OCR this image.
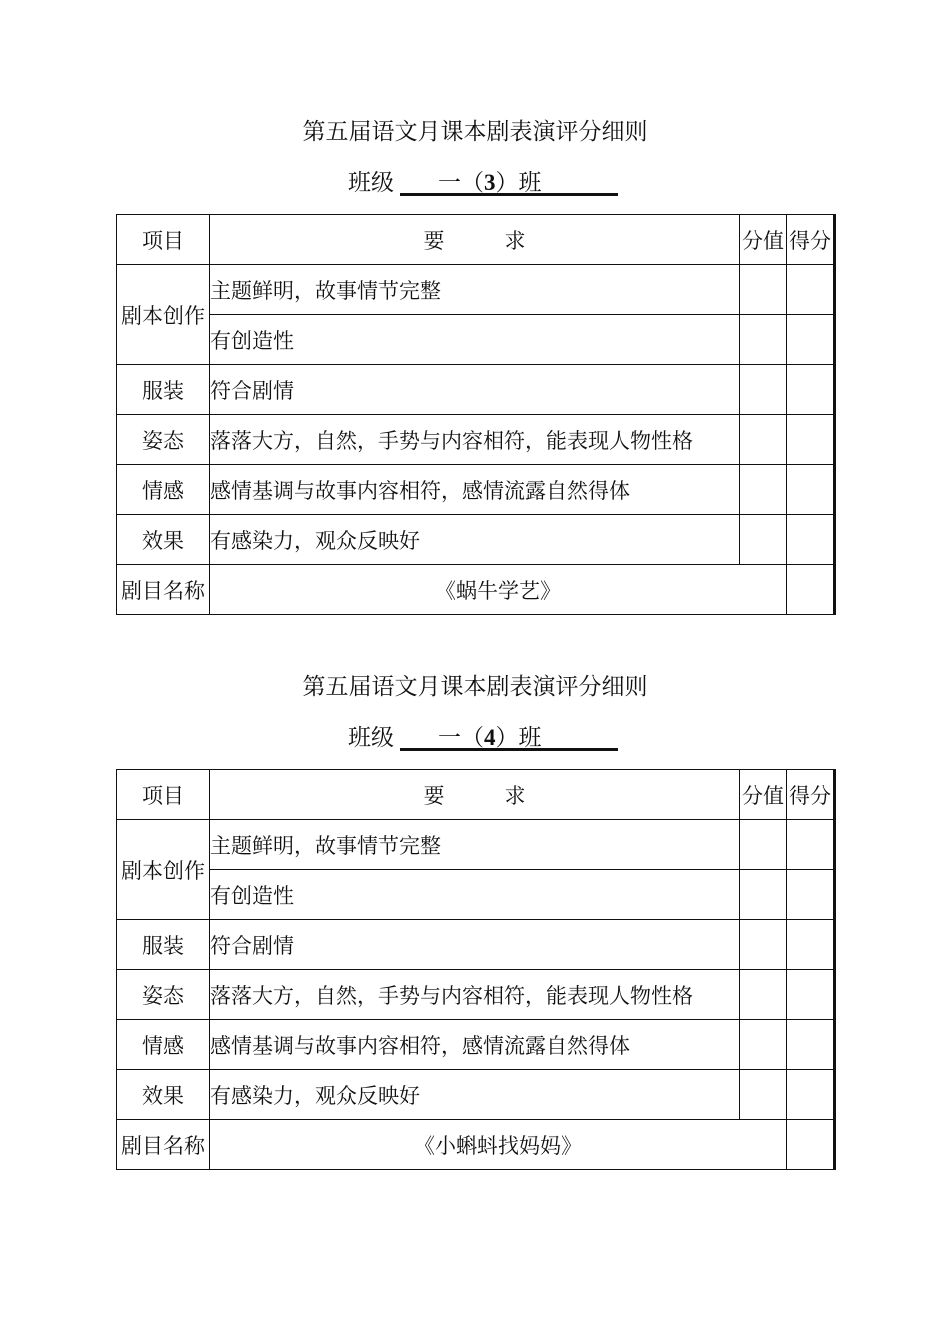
第五届语文月课本剧表演评分细则
班级	一（3）班
项目	要 求	分值	得分
剧本创作	主题鲜明，故事情节完整		
	有创造性		
服装	符合剧情		
姿态	落落大方，自然，手势与内容相符，能表现人物性格		
情感	感情基调与故事内容相符，感情流露自然得体		
效果	有感染力，观众反映好		
剧目名称	《蜗牛学艺》		
第五届语文月课本剧表演评分细则
班级	一（4）班
项目	要 求	分值	得分
剧本创作	主题鲜明，故事情节完整		
	有创造性		
服装	符合剧情		
姿态	落落大方，自然，手势与内容相符，能表现人物性格		
情感	感情基调与故事内容相符，感情流露自然得体		
效果	有感染力，观众反映好		
剧目名称	《小蝌蚪找妈妈》		
